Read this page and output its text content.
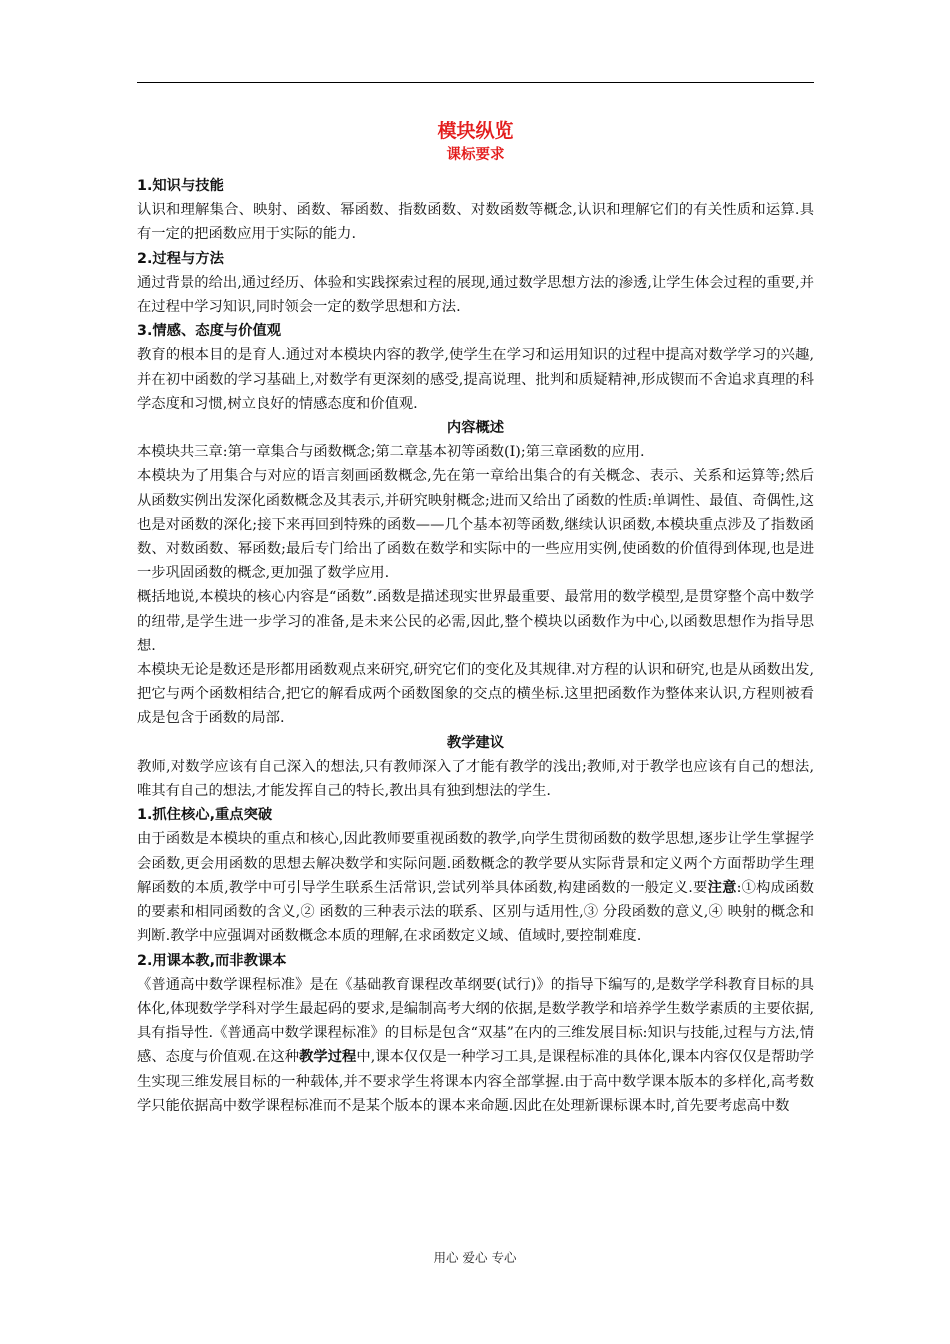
模块纵览
课标要求
1.知识与技能

认识和理解集合、映射、函数、幂函数、指数函数、对数函数等概念,认识和理解它们的有关性质和运算.具有一定的把函数应用于实际的能力.

2.过程与方法

通过背景的给出,通过经历、体验和实践探索过程的展现,通过数学思想方法的渗透,让学生体会过程的重要,并在过程中学习知识,同时领会一定的数学思想和方法.

3.情感、态度与价值观

教育的根本目的是育人.通过对本模块内容的教学,使学生在学习和运用知识的过程中提高对数学学习的兴趣,并在初中函数的学习基础上,对数学有更深刻的感受,提高说理、批判和质疑精神,形成锲而不舍追求真理的科学态度和习惯,树立良好的情感态度和价值观.

内容概述

本模块共三章:第一章集合与函数概念;第二章基本初等函数(I);第三章函数的应用.

本模块为了用集合与对应的语言刻画函数概念,先在第一章给出集合的有关概念、表示、关系和运算等;然后从函数实例出发深化函数概念及其表示,并研究映射概念;进而又给出了函数的性质:单调性、最值、奇偶性,这也是对函数的深化;接下来再回到特殊的函数——几个基本初等函数,继续认识函数,本模块重点涉及了指数函数、对数函数、幂函数;最后专门给出了函数在数学和实际中的一些应用实例,使函数的价值得到体现,也是进一步巩固函数的概念,更加强了数学应用.

概括地说,本模块的核心内容是“函数”.函数是描述现实世界最重要、最常用的数学模型,是贯穿整个高中数学的纽带,是学生进一步学习的准备,是未来公民的必需,因此,整个模块以函数作为中心,以函数思想作为指导思想.

本模块无论是数还是形都用函数观点来研究,研究它们的变化及其规律.对方程的认识和研究,也是从函数出发,把它与两个函数相结合,把它的解看成两个函数图象的交点的横坐标.这里把函数作为整体来认识,方程则被看成是包含于函数的局部.

教学建议

教师,对数学应该有自己深入的想法,只有教师深入了才能有教学的浅出;教师,对于教学也应该有自己的想法,唯其有自己的想法,才能发挥自己的特长,教出具有独到想法的学生.

1.抓住核心,重点突破

由于函数是本模块的重点和核心,因此教师要重视函数的教学,向学生贯彻函数的数学思想,逐步让学生掌握学会函数,更会用函数的思想去解决数学和实际问题.函数概念的教学要从实际背景和定义两个方面帮助学生理解函数的本质,教学中可引导学生联系生活常识,尝试列举具体函数,构建函数的一般定义.要注意:①构成函数的要素和相同函数的含义,② 函数的三种表示法的联系、区别与适用性,③ 分段函数的意义,④ 映射的概念和判断.教学中应强调对函数概念本质的理解,在求函数定义域、值域时,要控制难度.

2.用课本教,而非教课本

《普通高中数学课程标准》是在《基础教育课程改革纲要(试行)》的指导下编写的,是数学学科教育目标的具体化,体现数学学科对学生最起码的要求,是编制高考大纲的依据,是数学教学和培养学生数学素质的主要依据,具有指导性.《普通高中数学课程标准》的目标是包含“双基”在内的三维发展目标:知识与技能,过程与方法,情感、态度与价值观.在这种教学过程中,课本仅仅是一种学习工具,是课程标准的具体化,课本内容仅仅是帮助学生实现三维发展目标的一种载体,并不要求学生将课本内容全部掌握.由于高中数学课本版本的多样化,高考数学只能依据高中数学课程标准而不是某个版本的课本来命题.因此在处理新课标课本时,首先要考虑高中数

用心 爱心 专心
